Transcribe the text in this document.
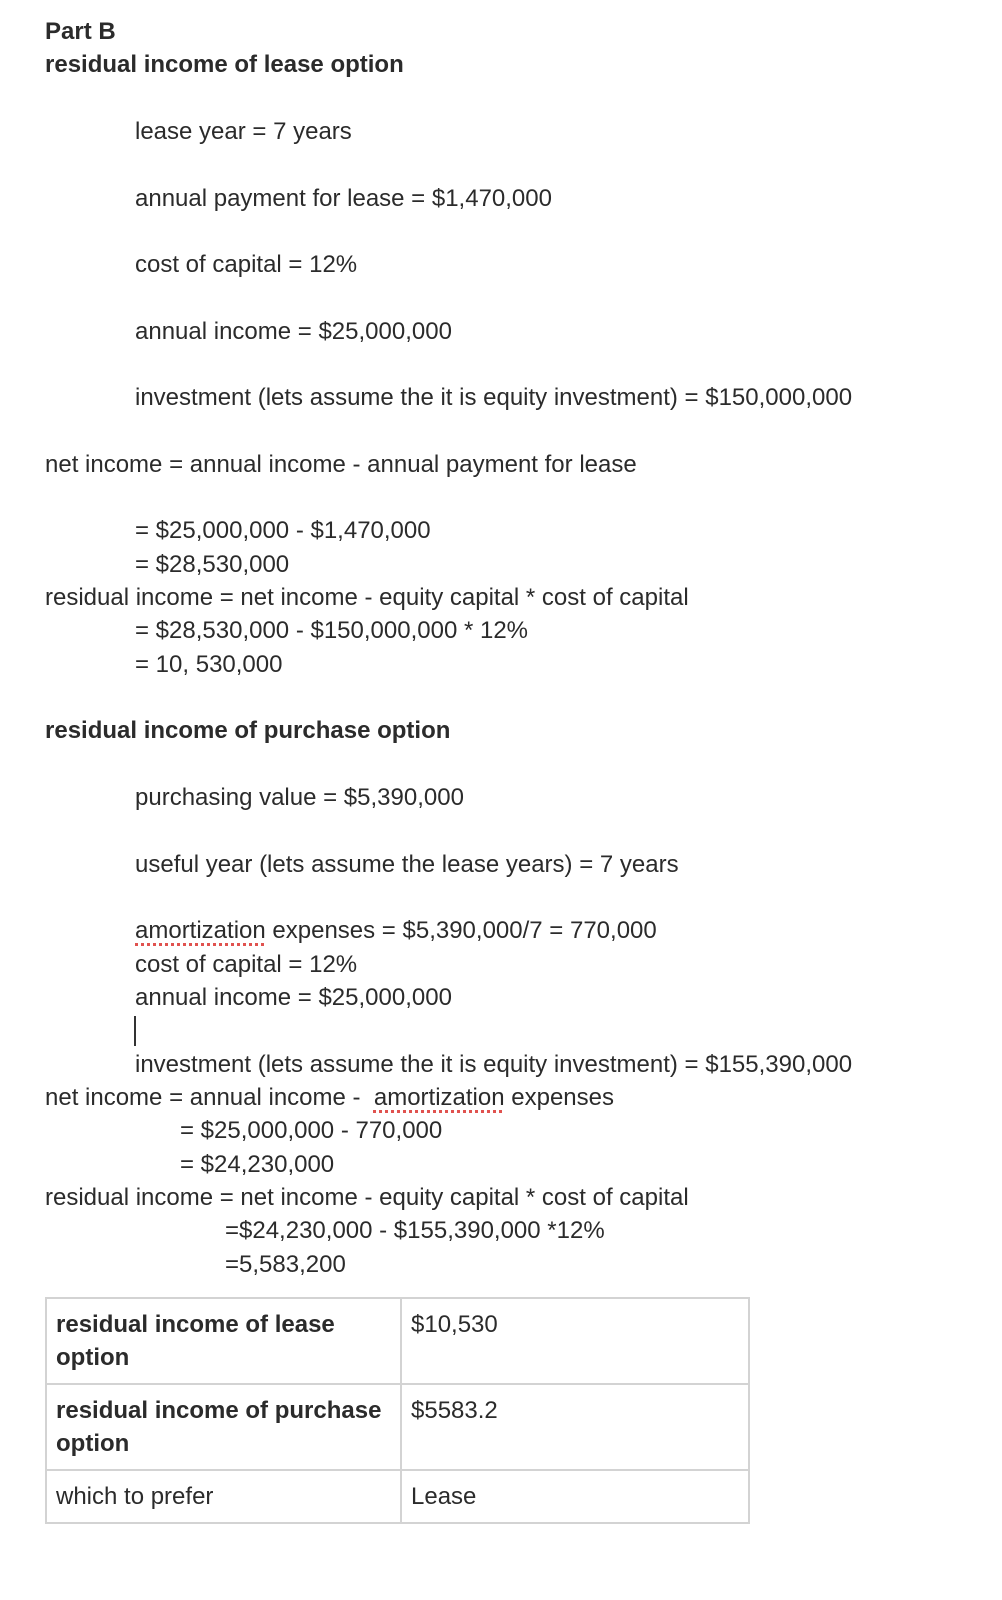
Part B
residual income of lease option
lease year = 7 years
annual payment for lease = $1,470,000
cost of capital = 12%
annual income = $25,000,000
investment (lets assume the it is equity investment) = $150,000,000
net income = annual income - annual payment for lease
= $25,000,000 - $1,470,000
= $28,530,000
residual income = net income - equity capital * cost of capital
= $28,530,000 - $150,000,000 * 12%
= 10, 530,000
residual income of purchase option
purchasing value = $5,390,000
useful year (lets assume the lease years) = 7 years
amortization expenses = $5,390,000/7 = 770,000
cost of capital = 12%
annual income = $25,000,000
investment (lets assume the it is equity investment) = $155,390,000
net income = annual income -  amortization expenses
= $25,000,000 - 770,000
= $24,230,000
residual income = net income - equity capital * cost of capital
=$24,230,000 - $155,390,000 *12%
=5,583,200
residual income of lease option	$10,530
residual income of purchase option	$5583.2
which to prefer	Lease
